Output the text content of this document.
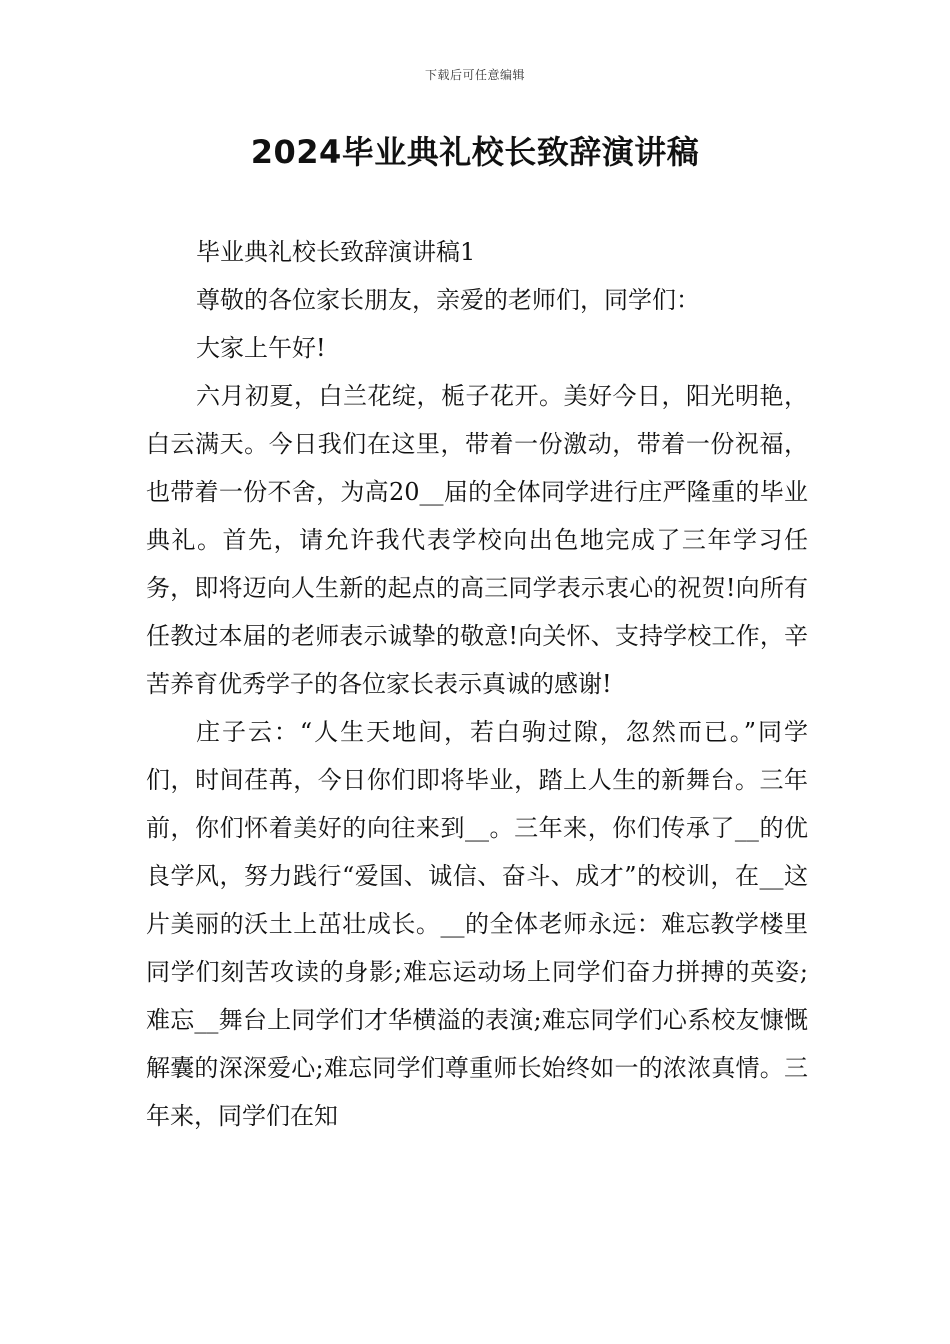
下载后可任意编辑
2024毕业典礼校长致辞演讲稿

毕业典礼校长致辞演讲稿1

尊敬的各位家长朋友，亲爱的老师们，同学们：

大家上午好!

六月初夏，白兰花绽，栀子花开。美好今日，阳光明艳，白云满天。今日我们在这里，带着一份激动，带着一份祝福，也带着一份不舍，为高20__届的全体同学进行庄严隆重的毕业典礼。首先，请允许我代表学校向出色地完成了三年学习任务，即将迈向人生新的起点的高三同学表示衷心的祝贺!向所有任教过本届的老师表示诚挚的敬意!向关怀、支持学校工作，辛苦养育优秀学子的各位家长表示真诚的感谢!

庄子云：“人生天地间，若白驹过隙，忽然而已。”同学们，时间荏苒，今日你们即将毕业，踏上人生的新舞台。三年前，你们怀着美好的向往来到__。三年来，你们传承了__的优良学风，努力践行“爱国、诚信、奋斗、成才”的校训，在__这片美丽的沃土上茁壮成长。__的全体老师永远：难忘教学楼里同学们刻苦攻读的身影;难忘运动场上同学们奋力拼搏的英姿;难忘__舞台上同学们才华横溢的表演;难忘同学们心系校友慷慨解囊的深深爱心;难忘同学们尊重师长始终如一的浓浓真情。三年来，同学们在知
